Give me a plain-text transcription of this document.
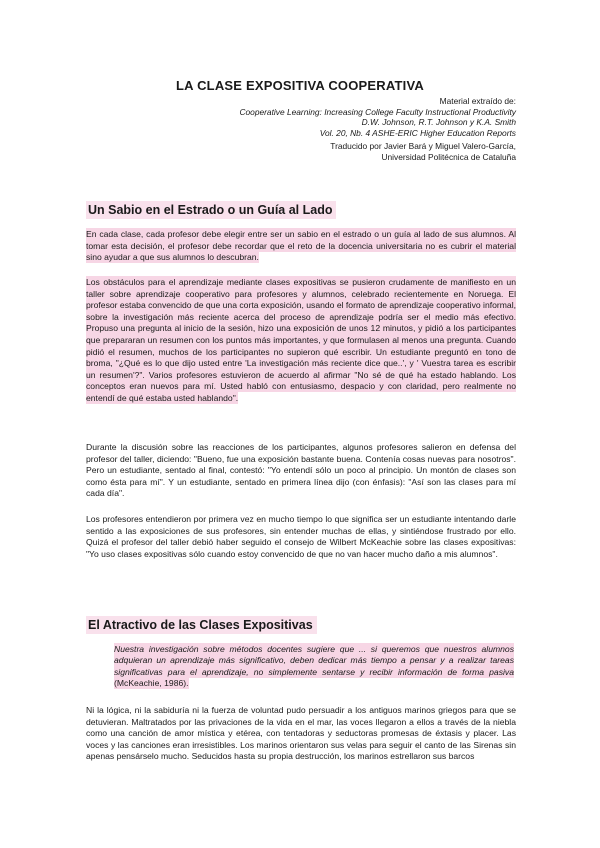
LA CLASE EXPOSITIVA COOPERATIVA
Material extraído de:
Cooperative Learning: Increasing College Faculty Instructional Productivity
D.W. Johnson, R.T. Johnson y K.A. Smith
Vol. 20, Nb. 4 ASHE-ERIC Higher Education Reports
Traducido por Javier Bará y Miguel Valero-García,
Universidad Politécnica de Cataluña
Un Sabio en el Estrado o un Guía al Lado
En cada clase, cada profesor debe elegir entre ser un sabio en el estrado o un guía al lado de sus alumnos. Al tomar esta decisión, el profesor debe recordar que el reto de la docencia universitaria no es cubrir el material sino ayudar a que sus alumnos lo descubran.
Los obstáculos para el aprendizaje mediante clases expositivas se pusieron crudamente de manifiesto en un taller sobre aprendizaje cooperativo para profesores y alumnos, celebrado recientemente en Noruega. El profesor estaba convencido de que una corta exposición, usando el formato de aprendizaje cooperativo informal, sobre la investigación más reciente acerca del proceso de aprendizaje podría ser el medio más efectivo. Propuso una pregunta al inicio de la sesión, hizo una exposición de unos 12 minutos, y pidió a los participantes que prepararan un resumen con los puntos más importantes, y que formulasen al menos una pregunta. Cuando pidió el resumen, muchos de los participantes no supieron qué escribir. Un estudiante preguntó en tono de broma, "¿Qué es lo que dijo usted entre 'La investigación más reciente dice que..', y ' Vuestra tarea es escribir un resumen'?". Varios profesores estuvieron de acuerdo al afirmar "No sé de qué ha estado hablando. Los conceptos eran nuevos para mí. Usted habló con entusiasmo, despacio y con claridad, pero realmente no entendí de qué estaba usted hablando".
Durante la discusión sobre las reacciones de los participantes, algunos profesores salieron en defensa del profesor del taller, diciendo: "Bueno, fue una exposición bastante buena. Contenía cosas nuevas para nosotros". Pero un estudiante, sentado al final, contestó: "Yo entendí sólo un poco al principio. Un montón de clases son como ésta para mí". Y un estudiante, sentado en primera línea dijo (con énfasis): "Así son las clases para mí cada día".
Los profesores entendieron por primera vez en mucho tiempo lo que significa ser un estudiante intentando darle sentido a las exposiciones de sus profesores, sin entender muchas de ellas, y sintiéndose frustrado por ello. Quizá el profesor del taller debió haber seguido el consejo de Wilbert McKeachie sobre las clases expositivas: "Yo uso clases expositivas sólo cuando estoy convencido de que no van hacer mucho daño a mis alumnos".
El Atractivo de las Clases Expositivas
Nuestra investigación sobre métodos docentes sugiere que ... si queremos que nuestros alumnos adquieran un aprendizaje más significativo, deben dedicar más tiempo a pensar y a realizar tareas significativas para el aprendizaje, no simplemente sentarse y recibir información de forma pasiva (McKeachie, 1986).
Ni la lógica, ni la sabiduría ni la fuerza de voluntad pudo persuadir a los antiguos marinos griegos para que se detuvieran. Maltratados por las privaciones de la vida en el mar, las voces llegaron a ellos a través de la niebla como una canción de amor mística y etérea, con tentadoras y seductoras promesas de éxtasis y placer. Las voces y las canciones eran irresistibles. Los marinos orientaron sus velas para seguir el canto de las Sirenas sin apenas pensárselo mucho. Seducidos hasta su propia destrucción, los marinos estrellaron sus barcos
